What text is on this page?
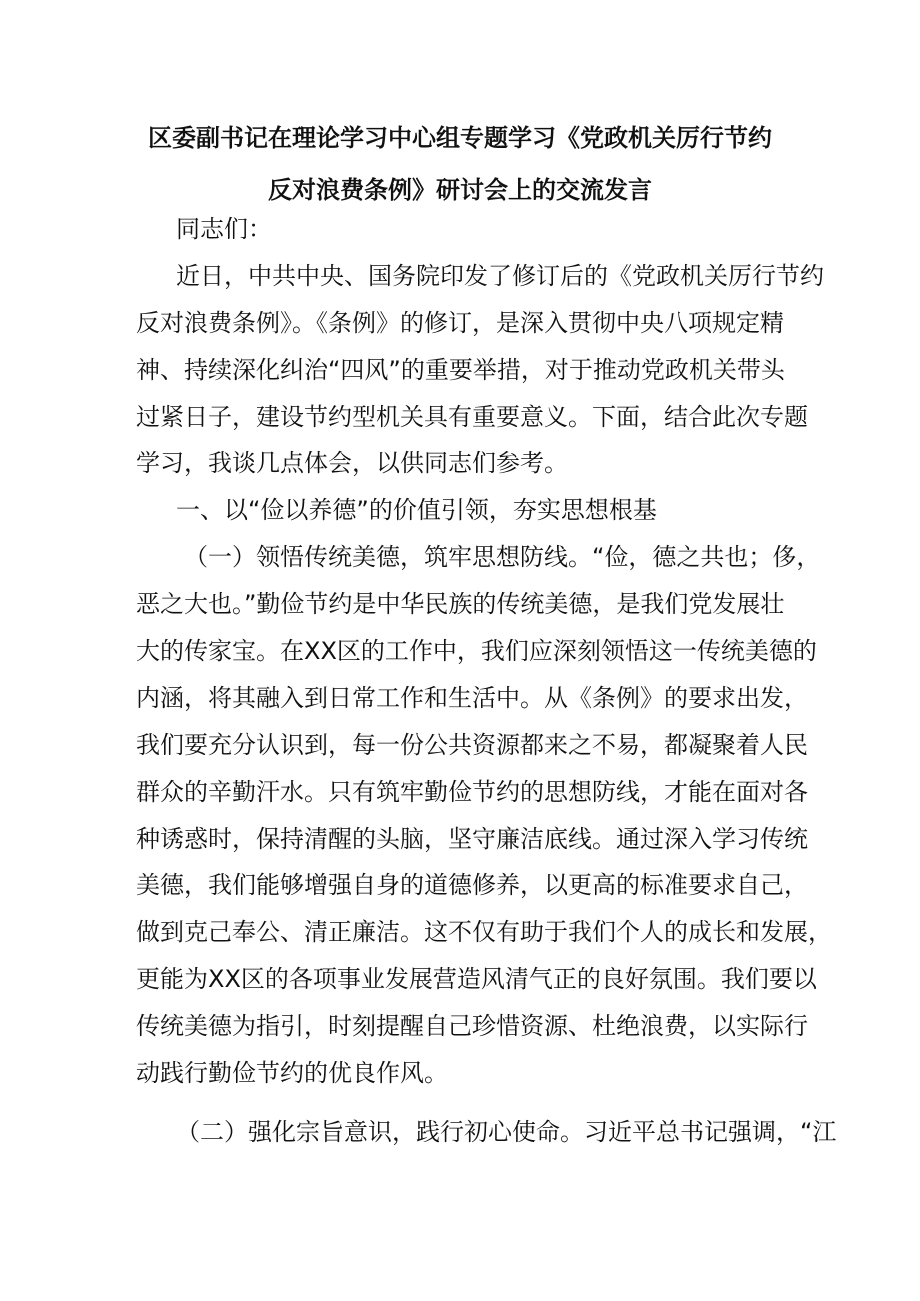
区委副书记在理论学习中心组专题学习《党政机关厉行节约
反对浪费条例》研讨会上的交流发言
同志们：
近日，中共中央、国务院印发了修订后的《党政机关厉行节约
反对浪费条例》。《条例》的修订，是深入贯彻中央八项规定精
神、持续深化纠治“四风”的重要举措，对于推动党政机关带头
过紧日子，建设节约型机关具有重要意义。下面，结合此次专题
学习，我谈几点体会，以供同志们参考。
一、以“俭以养德”的价值引领，夯实思想根基
（一）领悟传统美德，筑牢思想防线。“俭，德之共也；侈，
恶之大也。”勤俭节约是中华民族的传统美德，是我们党发展壮
大的传家宝。在XX区的工作中，我们应深刻领悟这一传统美德的
内涵，将其融入到日常工作和生活中。从《条例》的要求出发，
我们要充分认识到，每一份公共资源都来之不易，都凝聚着人民
群众的辛勤汗水。只有筑牢勤俭节约的思想防线，才能在面对各
种诱惑时，保持清醒的头脑，坚守廉洁底线。通过深入学习传统
美德，我们能够增强自身的道德修养，以更高的标准要求自己，
做到克己奉公、清正廉洁。这不仅有助于我们个人的成长和发展，
更能为XX区的各项事业发展营造风清气正的良好氛围。我们要以
传统美德为指引，时刻提醒自己珍惜资源、杜绝浪费，以实际行
动践行勤俭节约的优良作风。
（二）强化宗旨意识，践行初心使命。习近平总书记强调，“江
